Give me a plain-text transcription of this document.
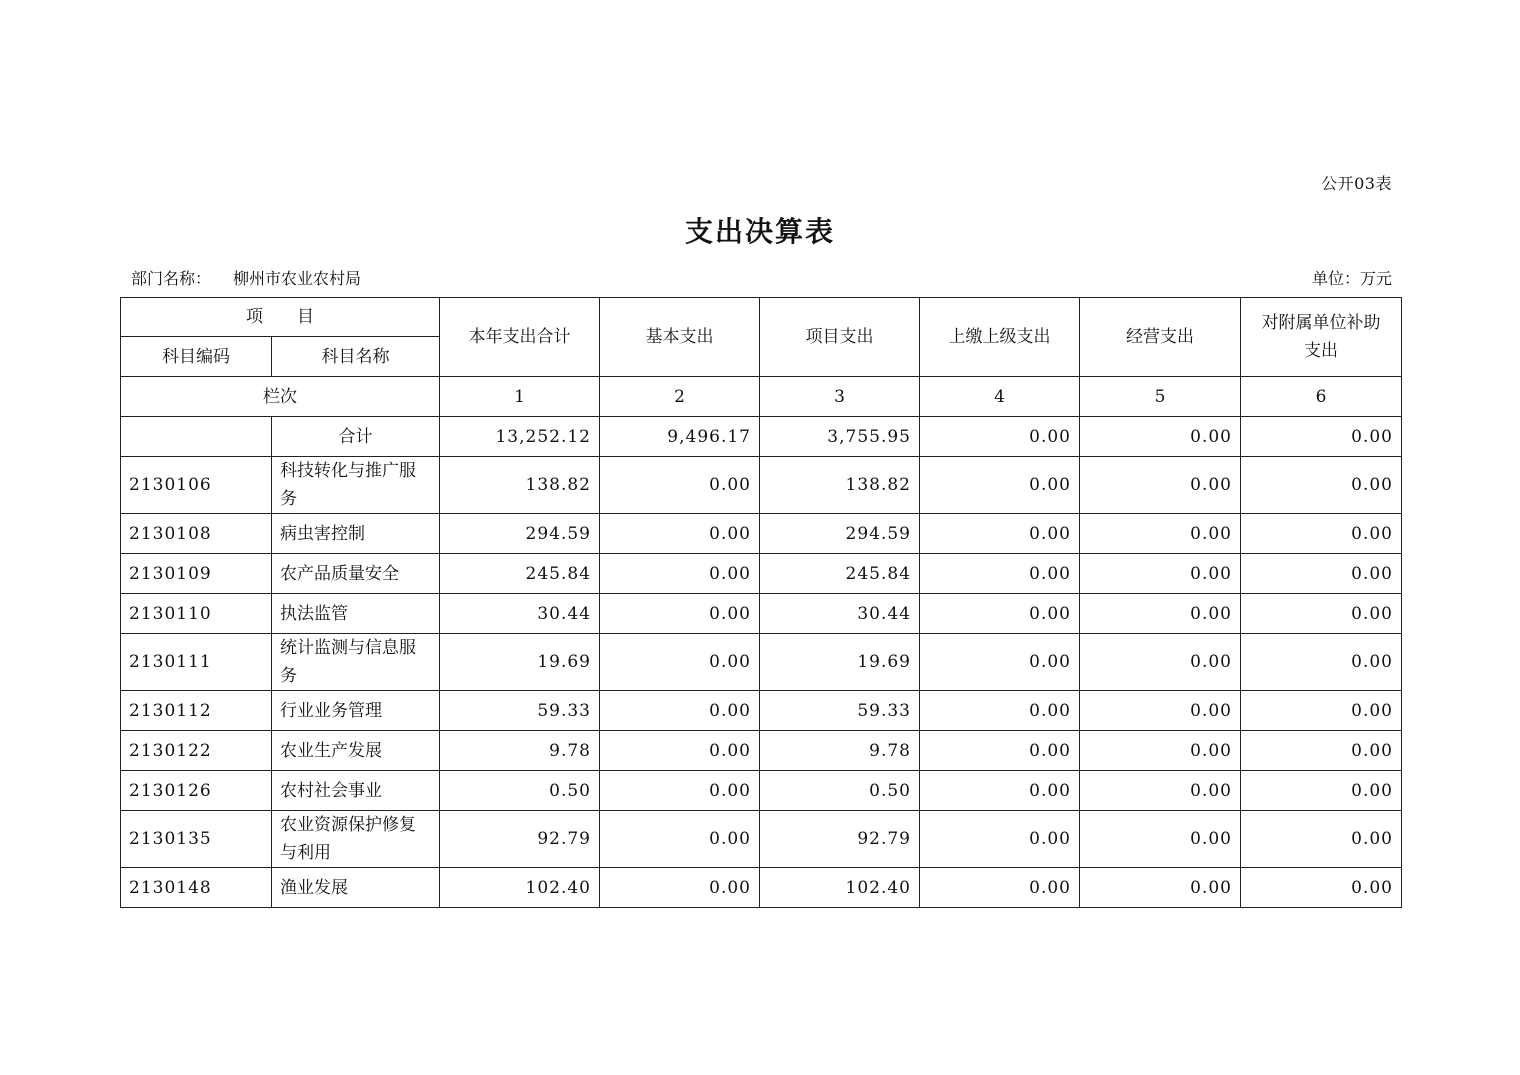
公开03表
支出决算表
部门名称： 柳州市农业农村局	单位：万元
项　　目		本年支出合计	基本支出	项目支出	上缴上级支出	经营支出	对附属单位补助支出
科目编码	科目名称						
栏次		1	2	3	4	5	6
	合计	13,252.12	9,496.17	3,755.95	0.00	0.00	0.00
2130106	科技转化与推广服务	138.82	0.00	138.82	0.00	0.00	0.00
2130108	病虫害控制	294.59	0.00	294.59	0.00	0.00	0.00
2130109	农产品质量安全	245.84	0.00	245.84	0.00	0.00	0.00
2130110	执法监管	30.44	0.00	30.44	0.00	0.00	0.00
2130111	统计监测与信息服务	19.69	0.00	19.69	0.00	0.00	0.00
2130112	行业业务管理	59.33	0.00	59.33	0.00	0.00	0.00
2130122	农业生产发展	9.78	0.00	9.78	0.00	0.00	0.00
2130126	农村社会事业	0.50	0.00	0.50	0.00	0.00	0.00
2130135	农业资源保护修复与利用	92.79	0.00	92.79	0.00	0.00	0.00
2130148	渔业发展	102.40	0.00	102.40	0.00	0.00	0.00
